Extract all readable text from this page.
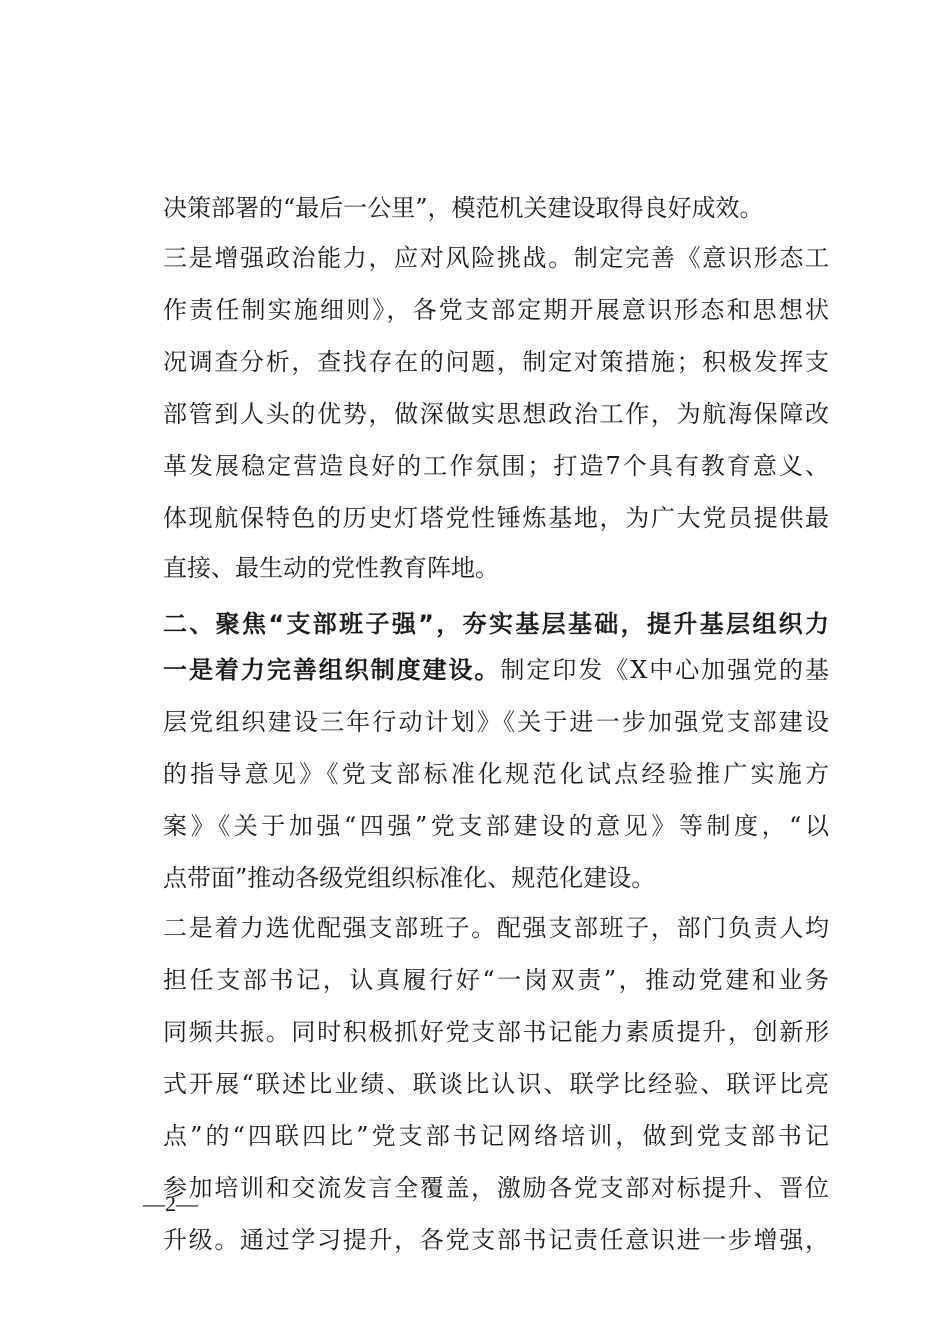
决策部署的“最后一公里”，模范机关建设取得良好成效。
三是增强政治能力，应对风险挑战。制定完善《意识形态工
作责任制实施细则》，各党支部定期开展意识形态和思想状
况调查分析，查找存在的问题，制定对策措施；积极发挥支
部管到人头的优势，做深做实思想政治工作，为航海保障改
革发展稳定营造良好的工作氛围；打造7个具有教育意义、
体现航保特色的历史灯塔党性锤炼基地，为广大党员提供最
直接、最生动的党性教育阵地。
二、聚焦“支部班子强”，夯实基层基础，提升基层组织力
一是着力完善组织制度建设。制定印发《X中心加强党的基
层党组织建设三年行动计划》《关于进一步加强党支部建设
的指导意见》《党支部标准化规范化试点经验推广实施方
案》《关于加强“四强”党支部建设的意见》等制度，“以
点带面”推动各级党组织标准化、规范化建设。
二是着力选优配强支部班子。配强支部班子，部门负责人均
担任支部书记，认真履行好“一岗双责”，推动党建和业务
同频共振。同时积极抓好党支部书记能力素质提升，创新形
式开展“联述比业绩、联谈比认识、联学比经验、联评比亮
点”的“四联四比”党支部书记网络培训，做到党支部书记
参加培训和交流发言全覆盖，激励各党支部对标提升、晋位
升级。通过学习提升，各党支部书记责任意识进一步增强，
—2—
